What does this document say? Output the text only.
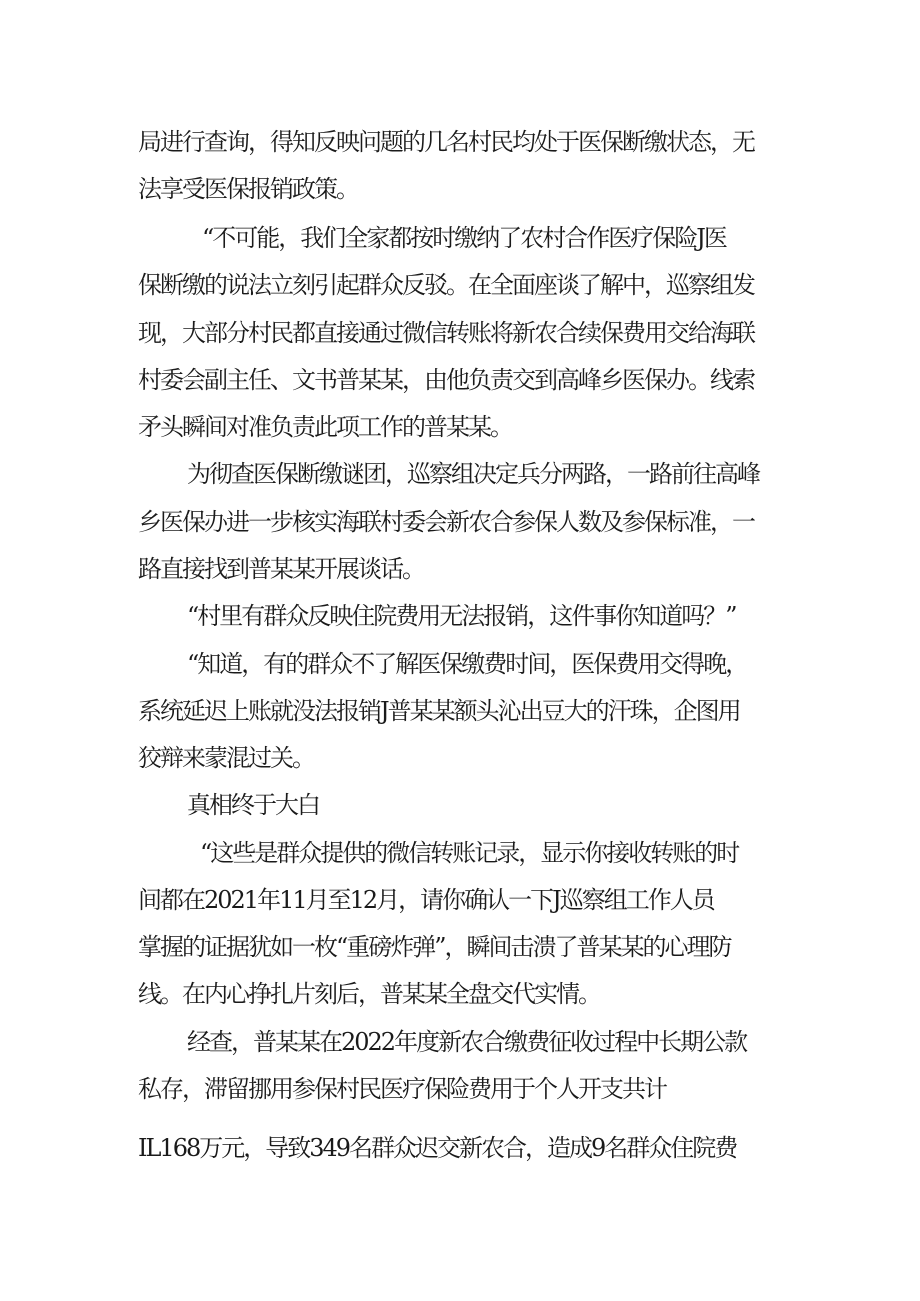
局进行查询，得知反映问题的几名村民均处于医保断缴状态，无
法享受医保报销政策。
“不可能，我们全家都按时缴纳了农村合作医疗保险J医
保断缴的说法立刻引起群众反驳。在全面座谈了解中，巡察组发
现，大部分村民都直接通过微信转账将新农合续保费用交给海联
村委会副主任、文书普某某，由他负责交到高峰乡医保办。线索
矛头瞬间对准负责此项工作的普某某。
为彻查医保断缴谜团，巡察组决定兵分两路，一路前往高峰
乡医保办进一步核实海联村委会新农合参保人数及参保标准，一
路直接找到普某某开展谈话。
“村里有群众反映住院费用无法报销，这件事你知道吗？”
“知道，有的群众不了解医保缴费时间，医保费用交得晚，
系统延迟上账就没法报销J普某某额头沁出豆大的汗珠，企图用
狡辩来蒙混过关。
真相终于大白
“这些是群众提供的微信转账记录，显示你接收转账的时
间都在2021年11月至12月，请你确认一下J巡察组工作人员
掌握的证据犹如一枚“重磅炸弹”，瞬间击溃了普某某的心理防
线。在内心挣扎片刻后，普某某全盘交代实情。
经查，普某某在2022年度新农合缴费征收过程中长期公款
私存，滞留挪用参保村民医疗保险费用于个人开支共计
IL168万元，导致349名群众迟交新农合，造成9名群众住院费
